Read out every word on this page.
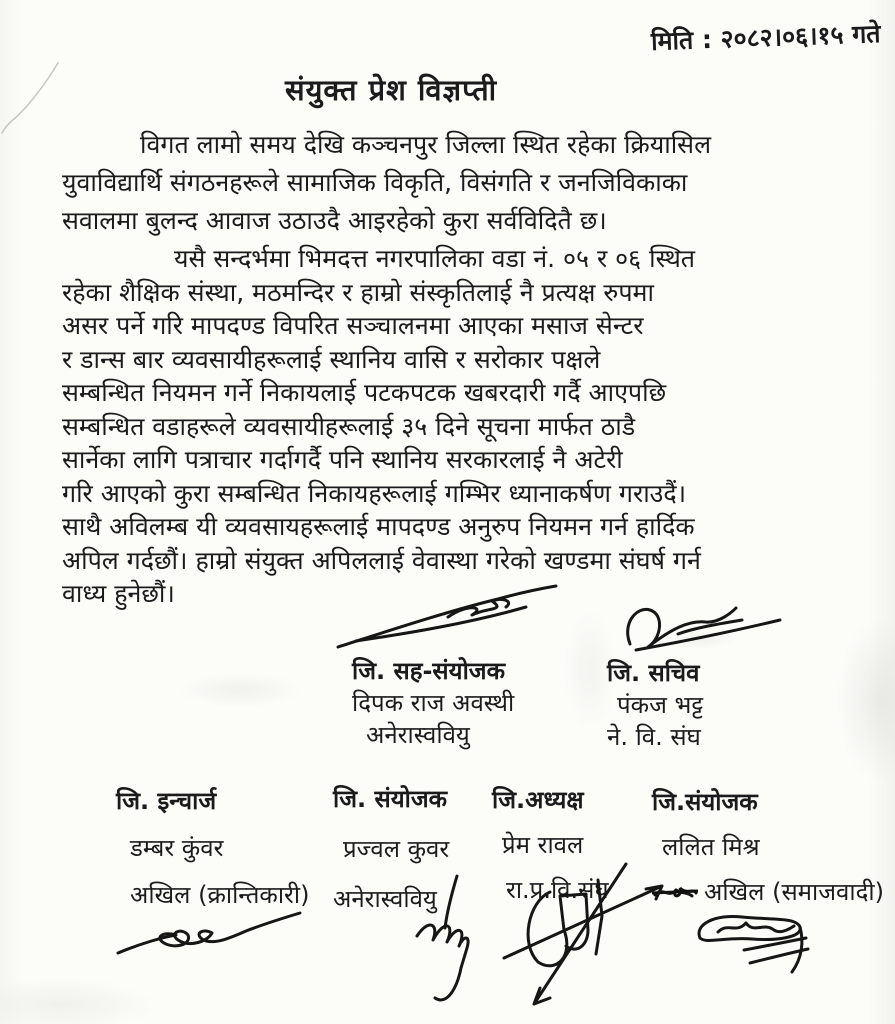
मिति : २०८२।०६।१५ गते
संयुक्त प्रेश विज्ञप्ती
विगत लामो समय देखि कञ्चनपुर जिल्ला स्थित रहेका क्रियासिल
युवाविद्यार्थि संगठनहरूले सामाजिक विकृति, विसंगति र जनजिविकाका
सवालमा बुलन्द आवाज उठाउदै आइरहेको कुरा सर्वविदितै छ।
यसै सन्दर्भमा भिमदत्त नगरपालिका वडा नं. ०५ र ०६ स्थित
रहेका शैक्षिक संस्था, मठमन्दिर र हाम्रो संस्कृतिलाई नै प्रत्यक्ष रुपमा
असर पर्ने गरि मापदण्ड विपरित सञ्चालनमा आएका मसाज सेन्टर
र डान्स बार व्यवसायीहरूलाई स्थानिय वासि र सरोकार पक्षले
सम्बन्धित नियमन गर्ने निकायलाई पटकपटक खबरदारी गर्दै आएपछि
सम्बन्धित वडाहरूले व्यवसायीहरूलाई ३५ दिने सूचना मार्फत ठाडै
सार्नेका लागि पत्राचार गर्दागर्दै पनि स्थानिय सरकारलाई नै अटेरी
गरि आएको कुरा सम्बन्धित निकायहरूलाई गम्भिर ध्यानाकर्षण गराउदैं।
साथै अविलम्ब यी व्यवसायहरूलाई मापदण्ड अनुरुप नियमन गर्न हार्दिक
अपिल गर्दछौं। हाम्रो संयुक्त अपिललाई वेवास्था गरेको खण्डमा संघर्ष गर्न
वाध्य हुनेछौं।
जि. सह-संयोजक
दिपक राज अवस्थी
अनेरास्ववियु
जि. सचिव
पंकज भट्ट
ने. वि. संघ
जि. इन्चार्ज
डम्बर कुंवर
अखिल (क्रान्तिकारी)
जि. संयोजक
प्रज्वल कुवर
अनेरास्ववियु
जि.अध्यक्ष
प्रेम रावल
रा.प्र.वि.संघ
जि.संयोजक
ललित मिश्र
अखिल (समाजवादी)
